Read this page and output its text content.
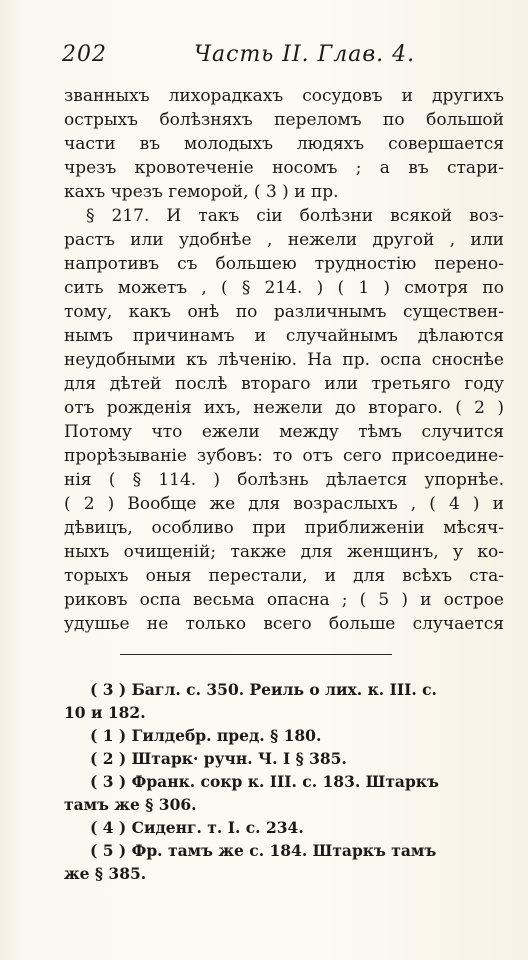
202	Часть II. Глав. 4.
званныхъ лихорадкахъ сосудовъ и другихъ
острыхъ болѣзняхъ переломъ по большой
части въ молодыхъ людяхъ совершается
чрезъ кровотеченіе носомъ ; а въ стари-
кахъ чрезъ геморой, ( 3 ) и пр.
§ 217. И такъ сіи болѣзни всякой воз-
растъ или удобнѣе , нежели другой , или
напротивъ съ большею трудностію перено-
сить можетъ , ( § 214. ) ( 1 ) смотря по
тому, какъ онѣ по различнымъ существен-
нымъ причинамъ и случайнымъ дѣлаются
неудобными къ лѣченію. На пр. оспа сноснѣе
для дѣтей послѣ втораго или третьяго году
отъ рожденія ихъ, нежели до втораго. ( 2 )
Потому что ежели между тѣмъ случится
прорѣзываніе зубовъ: то отъ сего присоедине-
нія ( § 114. ) болѣзнь дѣлается упорнѣе.
( 2 ) Вообще же для возраслыхъ , ( 4 ) и
дѣвицъ, особливо при приближеніи мѣсяч-
ныхъ очищеній; также для женщинъ, у ко-
торыхъ оныя перестали, и для всѣхъ ста-
риковъ оспа весьма опасна ; ( 5 ) и острое
удушье не только всего больше случается
( 3 ) Багл. с. 350. Реиль о лих. к. III. с.
10 и 182.
( 1 ) Гилдебр. пред. § 180.
( 2 ) Штарк· ручн. Ч. I § 385.
( 3 ) Франк. сокр к. III. с. 183. Штаркъ
тамъ же § 306.
( 4 ) Сиденг. т. I. с. 234.
( 5 ) Фр. тамъ же с. 184. Штаркъ тамъ
же § 385.
